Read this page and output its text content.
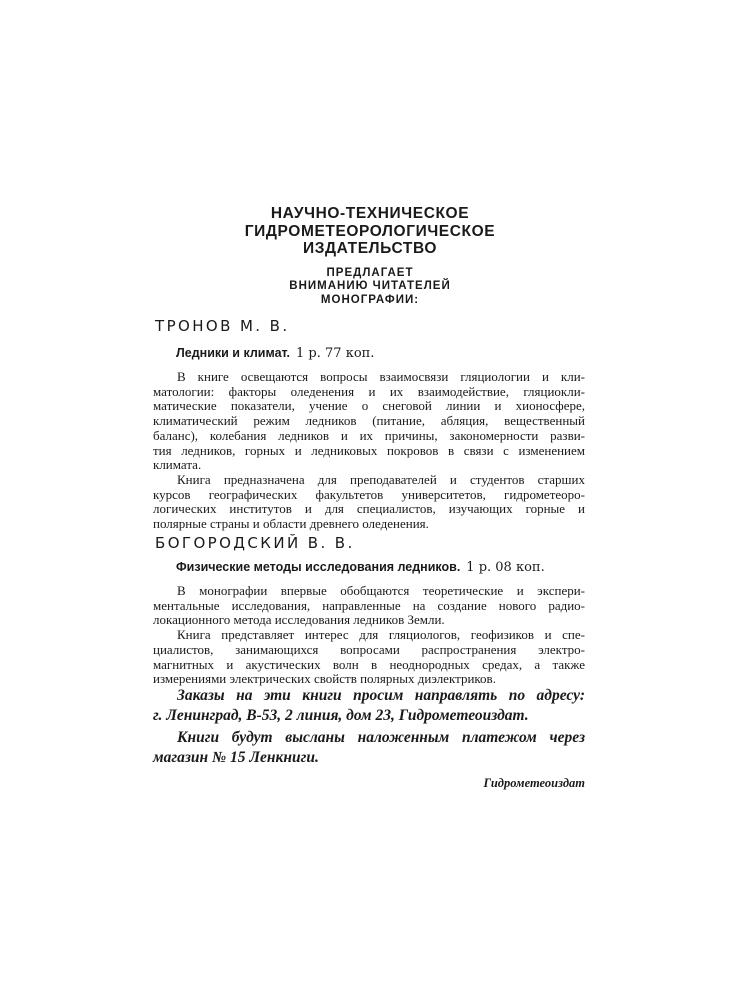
НАУЧНО-ТЕХНИЧЕСКОЕ
ГИДРОМЕТЕОРОЛОГИЧЕСКОЕ
ИЗДАТЕЛЬСТВО
ПРЕДЛАГАЕТ
ВНИМАНИЮ ЧИТАТЕЛЕЙ
МОНОГРАФИИ:
ТРОНОВ М. В.
Ледники и климат. 1 р. 77 коп.
В книге освещаются вопросы взаимосвязи гляциологии и кли-
матологии: факторы оледенения и их взаимодействие, гляциокли-
матические показатели, учение о снеговой линии и хионосфере,
климатический режим ледников (питание, абляция, вещественный
баланс), колебания ледников и их причины, закономерности разви-
тия ледников, горных и ледниковых покровов в связи с изменением
климата.
Книга предназначена для преподавателей и студентов старших
курсов географических факультетов университетов, гидрометеоро-
логических институтов и для специалистов, изучающих горные и
полярные страны и области древнего оледенения.
БОГОРОДСКИЙ В. В.
Физические методы исследования ледников. 1 р. 08 коп.
В монографии впервые обобщаются теоретические и экспери-
ментальные исследования, направленные на создание нового радио-
локационного метода исследования ледников Земли.
Книга представляет интерес для гляциологов, геофизиков и спе-
циалистов, занимающихся вопросами распространения электро-
магнитных и акустических волн в неоднородных средах, а также
измерениями электрических свойств полярных диэлектриков.
Заказы на эти книги просим направлять по адресу:
г. Ленинград, В-53, 2 линия, дом 23, Гидрометеоиздат.
Книги будут высланы наложенным платежом через
магазин № 15 Ленкниги.
Гидрометеоиздат
